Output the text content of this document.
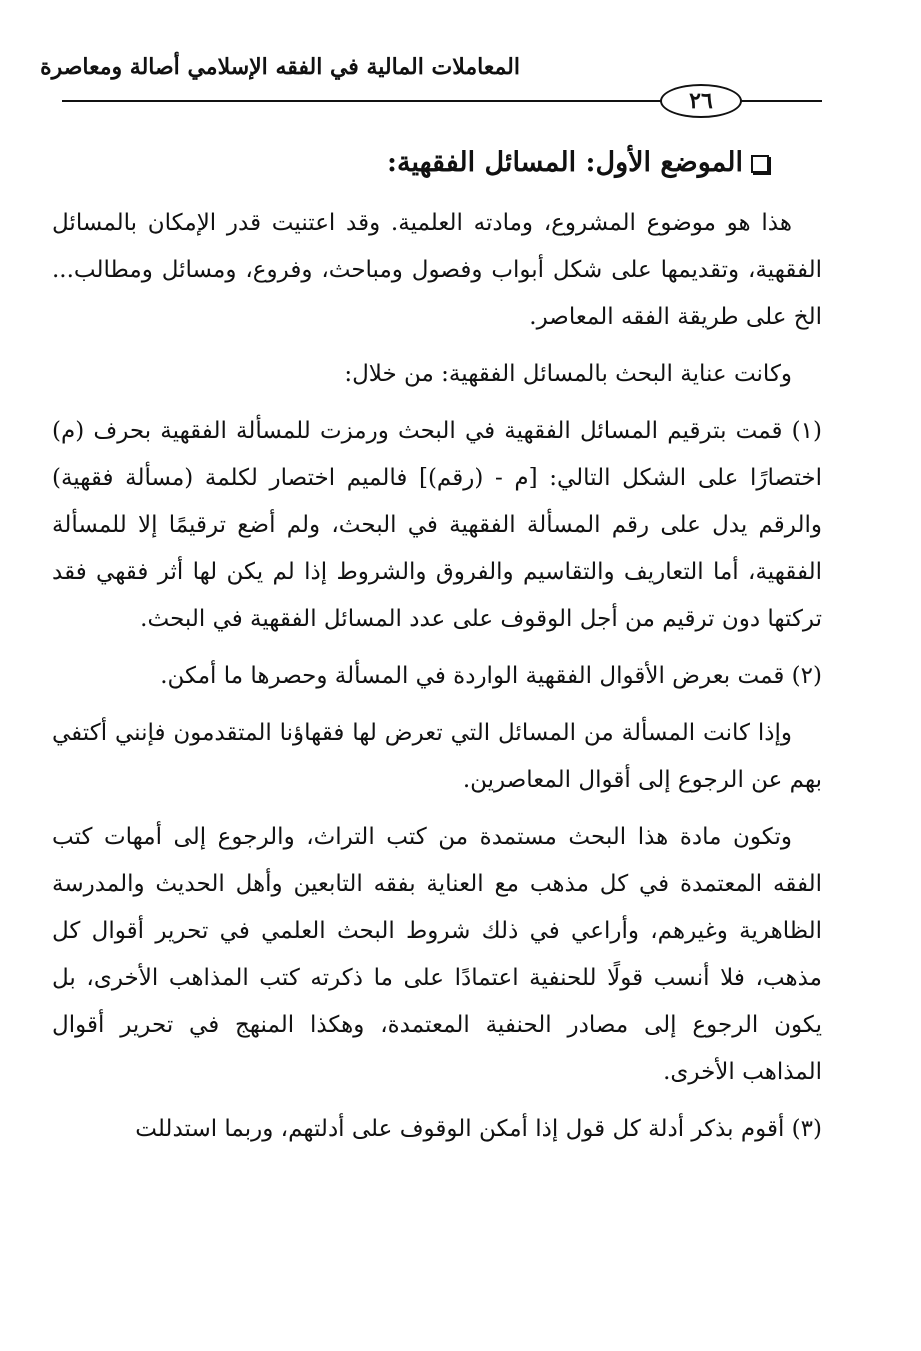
المعاملات المالية في الفقه الإسلامي أصالة ومعاصرة
٢٦
الموضع الأول: المسائل الفقهية:

هذا هو موضوع المشروع، ومادته العلمية. وقد اعتنيت قدر الإمكان بالمسائل الفقهية، وتقديمها على شكل أبواب وفصول ومباحث، وفروع، ومسائل ومطالب... الخ على طريقة الفقه المعاصر.

وكانت عناية البحث بالمسائل الفقهية: من خلال:

(١) قمت بترقيم المسائل الفقهية في البحث ورمزت للمسألة الفقهية بحرف (م) اختصارًا على الشكل التالي: [م - (رقم)] فالميم اختصار لكلمة (مسألة فقهية) والرقم يدل على رقم المسألة الفقهية في البحث، ولم أضع ترقيمًا إلا للمسألة الفقهية، أما التعاريف والتقاسيم والفروق والشروط إذا لم يكن لها أثر فقهي فقد تركتها دون ترقيم من أجل الوقوف على عدد المسائل الفقهية في البحث.

(٢) قمت بعرض الأقوال الفقهية الواردة في المسألة وحصرها ما أمكن.

وإذا كانت المسألة من المسائل التي تعرض لها فقهاؤنا المتقدمون فإنني أكتفي بهم عن الرجوع إلى أقوال المعاصرين.

وتكون مادة هذا البحث مستمدة من كتب التراث، والرجوع إلى أمهات كتب الفقه المعتمدة في كل مذهب مع العناية بفقه التابعين وأهل الحديث والمدرسة الظاهرية وغيرهم، وأراعي في ذلك شروط البحث العلمي في تحرير أقوال كل مذهب، فلا أنسب قولًا للحنفية اعتمادًا على ما ذكرته كتب المذاهب الأخرى، بل يكون الرجوع إلى مصادر الحنفية المعتمدة، وهكذا المنهج في تحرير أقوال المذاهب الأخرى.

(٣) أقوم بذكر أدلة كل قول إذا أمكن الوقوف على أدلتهم، وربما استدللت
